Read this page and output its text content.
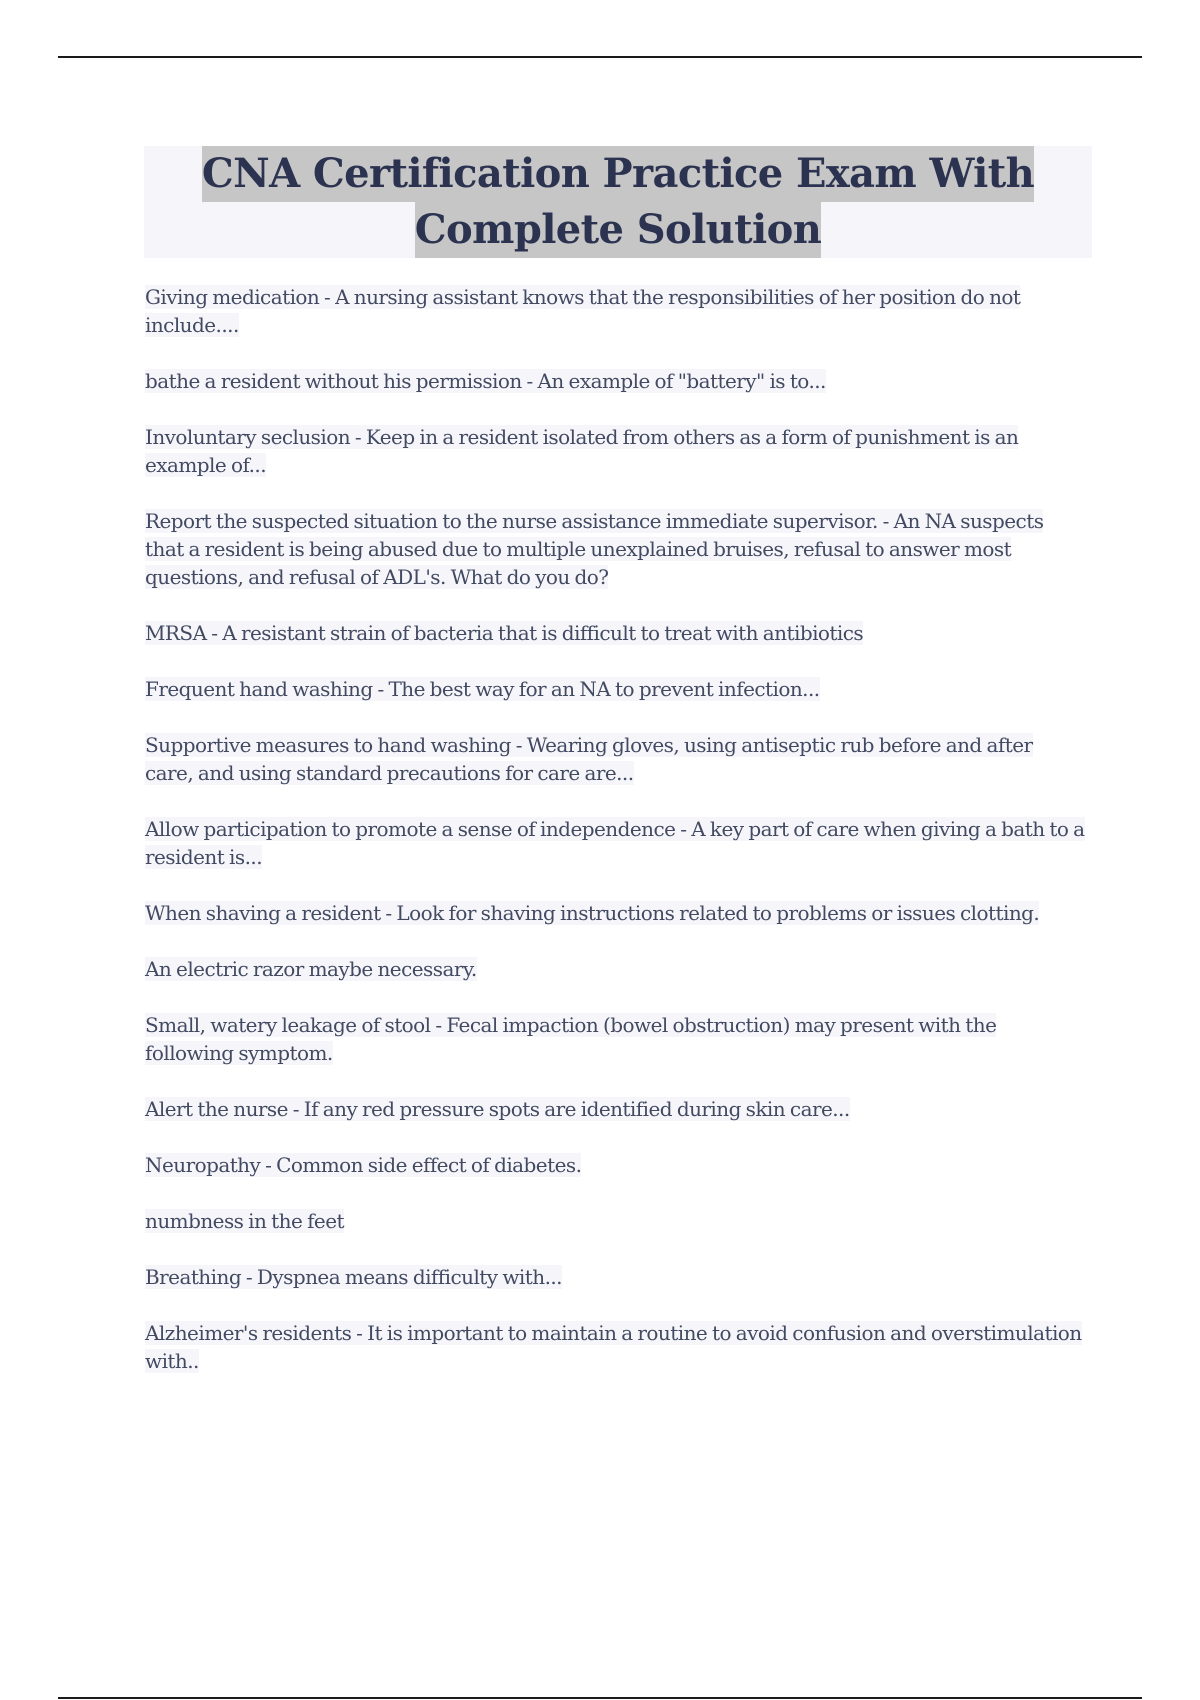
CNA Certification Practice Exam With
Complete Solution

Giving medication - A nursing assistant knows that the responsibilities of her position do not include....

bathe a resident without his permission - An example of "battery" is to...

Involuntary seclusion - Keep in a resident isolated from others as a form of punishment is an example of...

Report the suspected situation to the nurse assistance immediate supervisor. - An NA suspects that a resident is being abused due to multiple unexplained bruises, refusal to answer most questions, and refusal of ADL's. What do you do?

MRSA - A resistant strain of bacteria that is difficult to treat with antibiotics

Frequent hand washing - The best way for an NA to prevent infection...

Supportive measures to hand washing - Wearing gloves, using antiseptic rub before and after care, and using standard precautions for care are...

Allow participation to promote a sense of independence - A key part of care when giving a bath to a resident is...

When shaving a resident - Look for shaving instructions related to problems or issues clotting.

An electric razor maybe necessary.

Small, watery leakage of stool - Fecal impaction (bowel obstruction) may present with the following symptom.

Alert the nurse - If any red pressure spots are identified during skin care...

Neuropathy - Common side effect of diabetes.

numbness in the feet

Breathing - Dyspnea means difficulty with...

Alzheimer's residents - It is important to maintain a routine to avoid confusion and overstimulation with..
